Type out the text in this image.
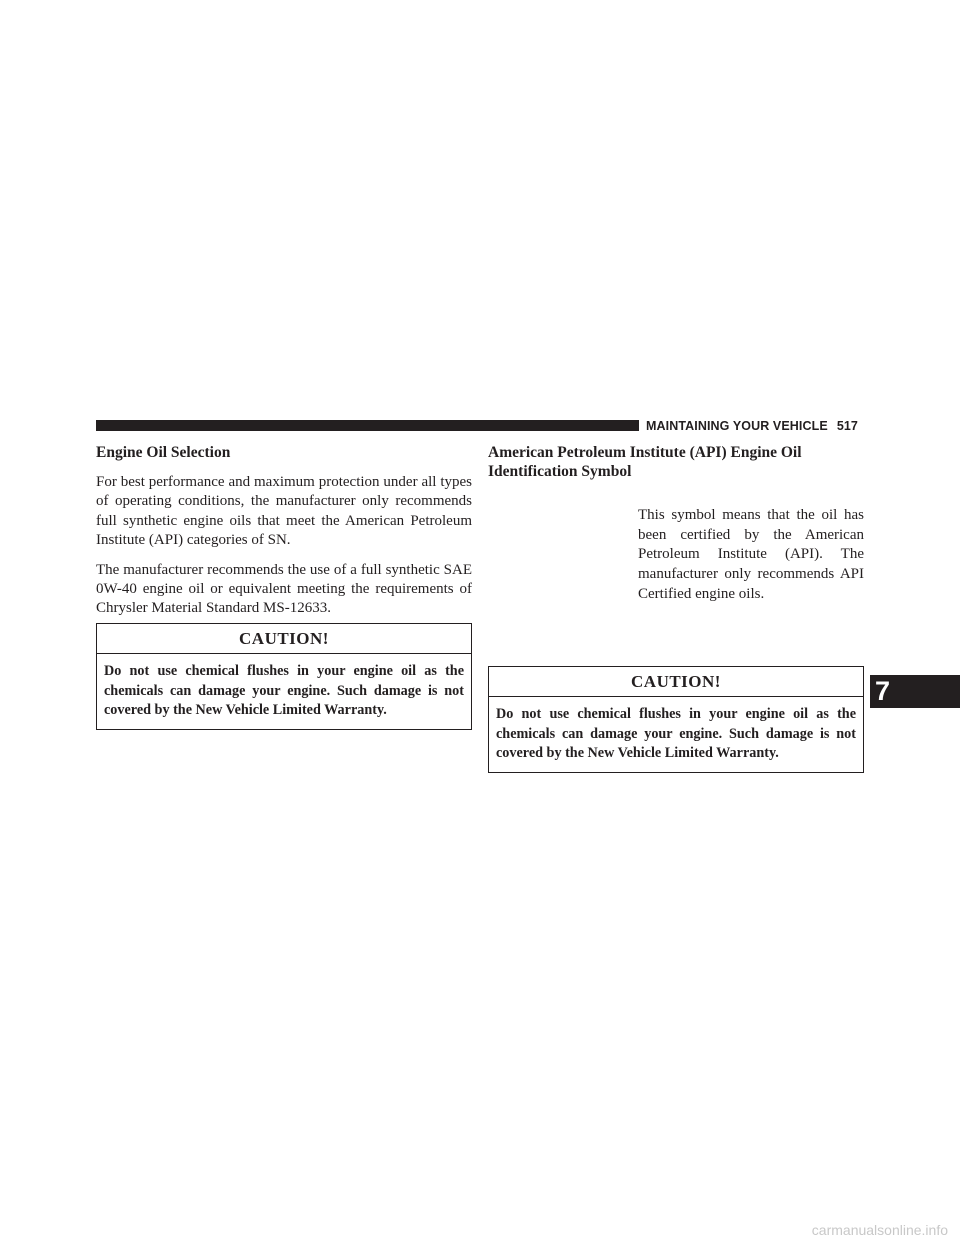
MAINTAINING YOUR VEHICLE 517
Engine Oil Selection

For best performance and maximum protection under all types of operating conditions, the manufacturer only recommends full synthetic engine oils that meet the American Petroleum Institute (API) categories of SN.

The manufacturer recommends the use of a full synthetic SAE 0W-40 engine oil or equivalent meeting the requirements of Chrysler Material Standard MS-12633.

CAUTION!
Do not use chemical flushes in your engine oil as the chemicals can damage your engine. Such damage is not covered by the New Vehicle Limited Warranty.
American Petroleum Institute (API) Engine Oil Identification Symbol

This symbol means that the oil has been certified by the American Petroleum Institute (API). The manufacturer only recommends API Certified engine oils.

CAUTION!
Do not use chemical flushes in your engine oil as the chemicals can damage your engine. Such damage is not covered by the New Vehicle Limited Warranty.
7
carmanualsonline.info
